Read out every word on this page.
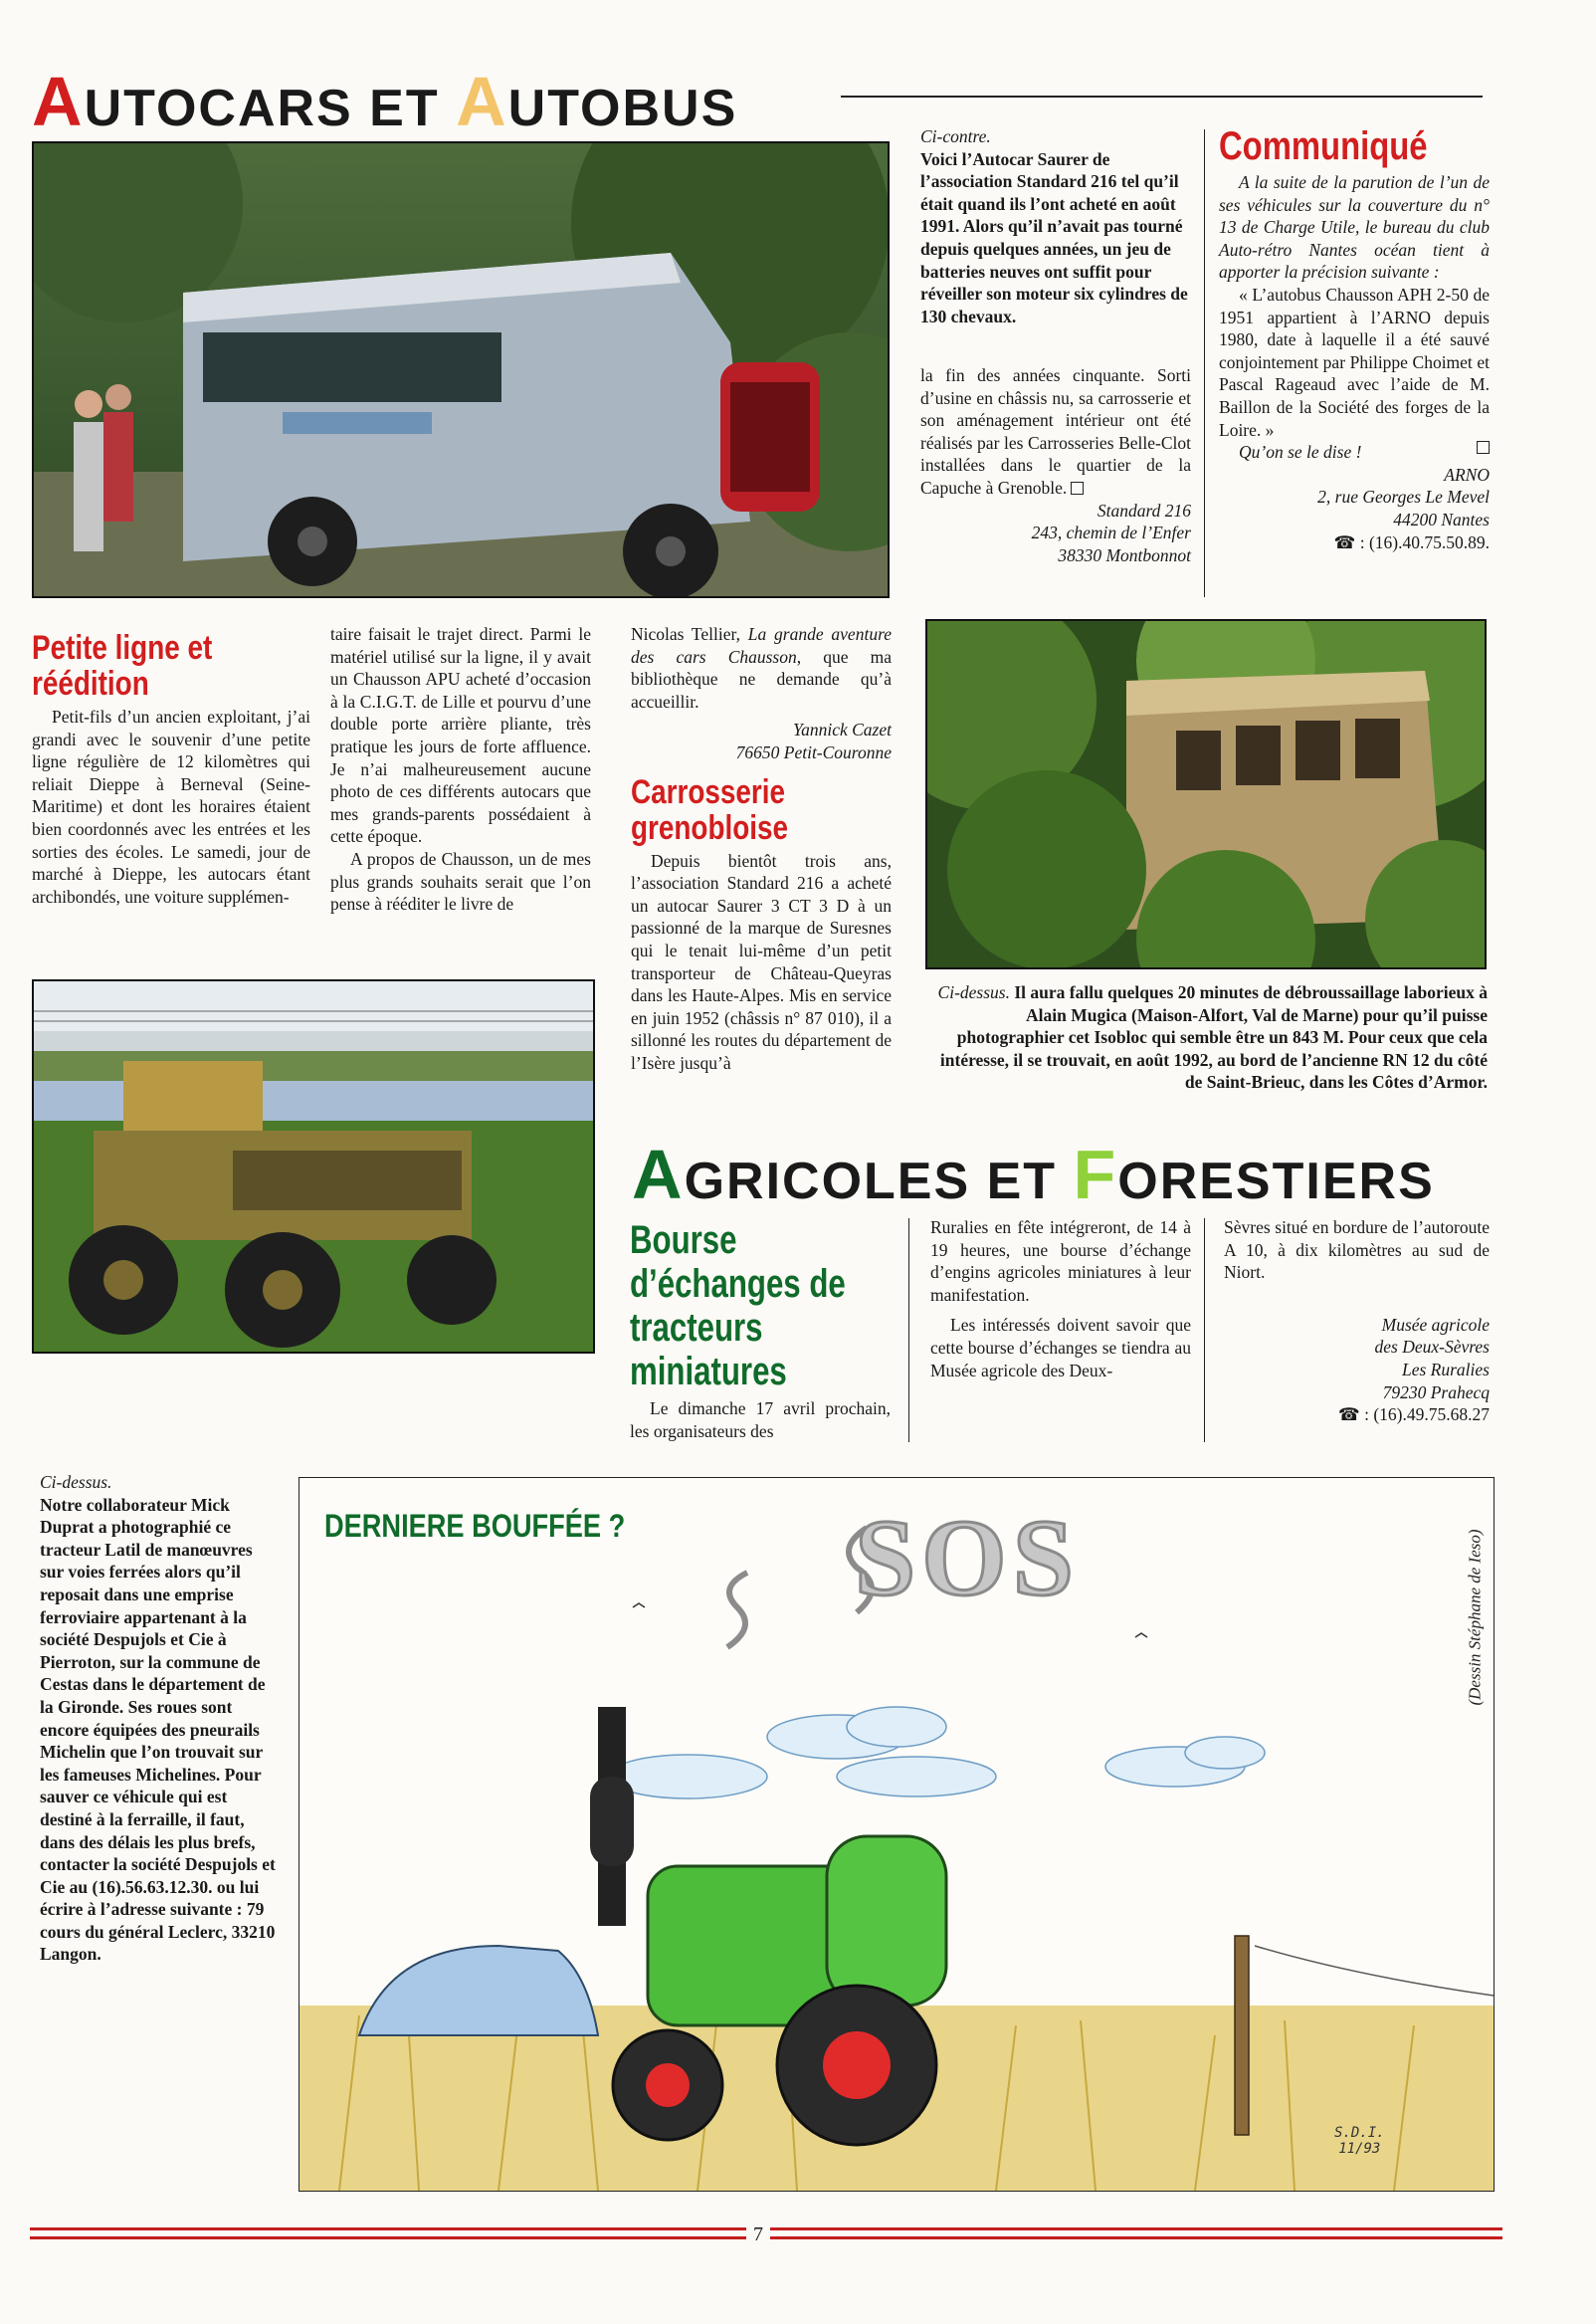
AUTOCARS ET AUTOBUS	Ci-contre.
Voici l’Autocar Saurer de l’association Standard 216 tel qu’il était quand ils l’ont acheté en août 1991. Alors qu’il n’avait pas tourné depuis quelques années, un jeu de batteries neuves ont suffit pour réveiller son moteur six cylindres de 130 chevaux.

la fin des années cinquante. Sorti d’usine en châssis nu, sa carrosserie et son aménagement intérieur ont été réalisés par les Carrosseries Belle-Clot installées dans le quartier de la Capuche à Grenoble.

Standard 216
243, chemin de l’Enfer
38330 Montbonnot
Communiqué

A la suite de la parution de l’un de ses véhicules sur la couverture du n° 13 de Charge Utile, le bureau du club Auto-rétro Nantes océan tient à apporter la précision suivante :

« L’autobus Chausson APH 2-50 de 1951 appartient à l’ARNO depuis 1980, date à laquelle il a été sauvé conjointement par Philippe Choimet et Pascal Rageaud avec l’aide de M. Baillon de la Société des forges de la Loire. »

Qu’on se le dise !

ARNO
2, rue Georges Le Mevel
44200 Nantes
☎ : (16).40.75.50.89.
Petite ligne et réédition

Petit-fils d’un ancien exploitant, j’ai grandi avec le souvenir d’une petite ligne régulière de 12 kilomètres qui reliait Dieppe à Berneval (Seine-Maritime) et dont les horaires étaient bien coordonnés avec les entrées et les sorties des écoles. Le samedi, jour de marché à Dieppe, les autocars étant archibondés, une voiture supplémen-

taire faisait le trajet direct. Parmi le matériel utilisé sur la ligne, il y avait un Chausson APU acheté d’occasion à la C.I.G.T. de Lille et pourvu d’une double porte arrière pliante, très pratique les jours de forte affluence. Je n’ai malheureusement aucune photo de ces différents autocars que mes grands-parents possédaient à cette époque.

A propos de Chausson, un de mes plus grands souhaits serait que l’on pense à rééditer le livre de

Nicolas Tellier, La grande aventure des cars Chausson, que ma bibliothèque ne demande qu’à accueillir.

Yannick Cazet
76650 Petit-Couronne
Carrosserie grenobloise

Depuis bientôt trois ans, l’association Standard 216 a acheté un autocar Saurer 3 CT 3 D à un passionné de la marque de Suresnes qui le tenait lui-même d’un petit transporteur de Château-Queyras dans les Haute-Alpes. Mis en service en juin 1952 (châssis n° 87 010), il a sillonné les routes du département de l’Isère jusqu’à

Ci-dessus. Il aura fallu quelques 20 minutes de débroussaillage laborieux à Alain Mugica (Maison-Alfort, Val de Marne) pour qu’il puisse photographier cet Isobloc qui semble être un 843 M. Pour ceux que cela intéresse, il se trouvait, en août 1992, au bord de l’ancienne RN 12 du côté de Saint-Brieuc, dans les Côtes d’Armor.
AGRICOLES ET FORESTIERS
Bourse d’échanges de tracteurs miniatures

Le dimanche 17 avril prochain, les organisateurs des

Ruralies en fête intégreront, de 14 à 19 heures, une bourse d’échange d’engins agricoles miniatures à leur manifestation.

Les intéressés doivent savoir que cette bourse d’échanges se tiendra au Musée agricole des Deux-

Sèvres situé en bordure de l’autoroute A 10, à dix kilomètres au sud de Niort.

Musée agricole
des Deux-Sèvres
Les Ruralies
79230 Prahecq
☎ : (16).49.75.68.27
Ci-dessus.
Notre collaborateur Mick Duprat a photographié ce tracteur Latil de manœuvres sur voies ferrées alors qu’il reposait dans une emprise ferroviaire appartenant à la société Despujols et Cie à Pierroton, sur la commune de Cestas dans le département de la Gironde. Ses roues sont encore équipées des pneurails Michelin que l’on trouvait sur les fameuses Michelines. Pour sauver ce véhicule qui est destiné à la ferraille, il faut, dans des délais les plus brefs, contacter la société Despujols et Cie au (16).56.63.12.30. ou lui écrire à l’adresse suivante : 79 cours du général Leclerc, 33210 Langon.
DERNIERE BOUFFÉE ? SOS	(Dessin Stéphane de Ieso)
S.D.I.
11/93
7
